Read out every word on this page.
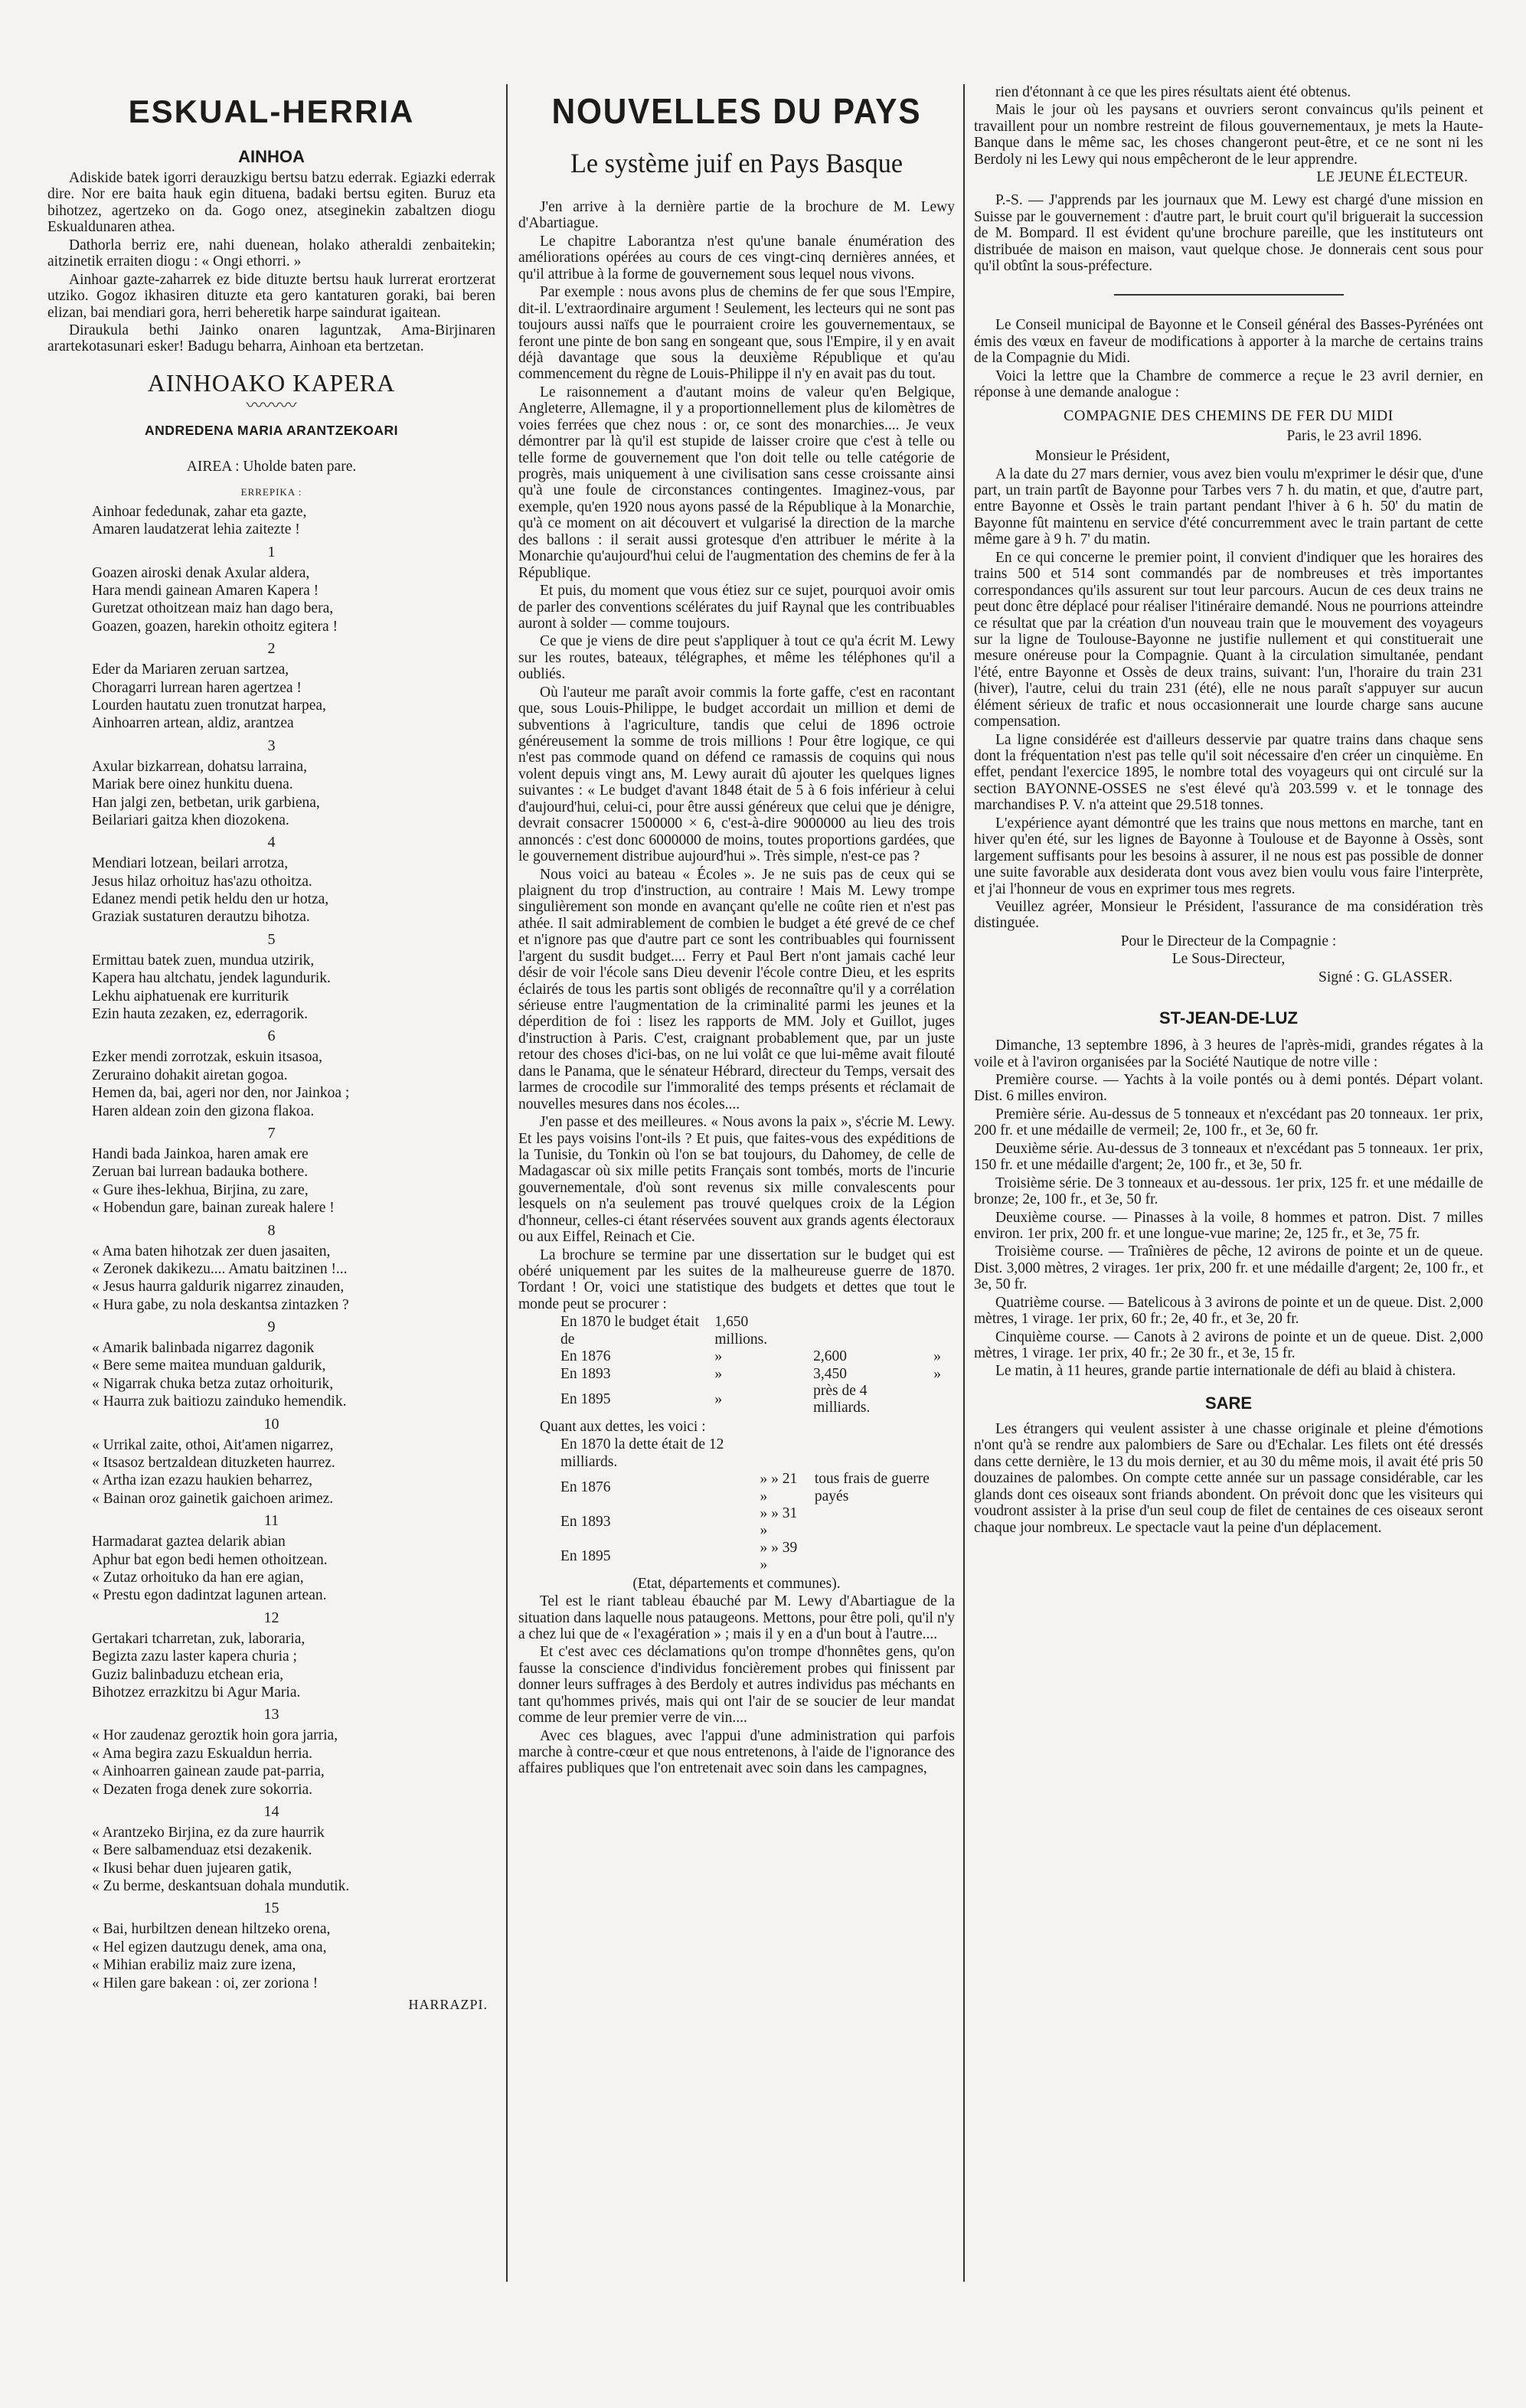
ESKUAL-HERRIA
AINHOA

Adiskide batek igorri derauzkigu bertsu batzu ederrak. Egiazki ederrak dire. Nor ere baita hauk egin dituena, badaki bertsu egiten. Buruz eta bihotzez, agertzeko on da. Gogo onez, atseginekin zabaltzen diogu Eskualdunaren athea.

Dathorla berriz ere, nahi duenean, holako atheraldi zenbaitekin; aitzinetik erraiten diogu : « Ongi ethorri. »

Ainhoar gazte-zaharrek ez bide dituzte bertsu hauk lurrerat erortzerat utziko. Gogoz ikhasiren dituzte eta gero kantaturen goraki, bai beren elizan, bai mendiari gora, herri beheretik harpe saindurat igaitean.

Diraukula bethi Jainko onaren laguntzak, Ama-Birjinaren arartekotasunari esker! Badugu beharra, Ainhoan eta bertzetan.

AINHOAKO KAPERA
〰〰〰
ANDREDENA MARIA ARANTZEKOARI
AIREA : Uholde baten pare.
ERREPIKA :

Ainhoar fededunak, zahar eta gazte,

Amaren laudatzerat lehia zaitezte !

1

Goazen airoski denak Axular aldera,

Hara mendi gainean Amaren Kapera !

Guretzat othoitzean maiz han dago bera,

Goazen, goazen, harekin othoitz egitera !

2

Eder da Mariaren zeruan sartzea,

Choragarri lurrean haren agertzea !

Lourden hautatu zuen tronutzat harpea,

Ainhoarren artean, aldiz, arantzea

3

Axular bizkarrean, dohatsu larraina,

Mariak bere oinez hunkitu duena.

Han jalgi zen, betbetan, urik garbiena,

Beilariari gaitza khen diozokena.

4

Mendiari lotzean, beilari arrotza,

Jesus hilaz orhoituz has'azu othoitza.

Edanez mendi petik heldu den ur hotza,

Graziak sustaturen derautzu bihotza.

5

Ermittau batek zuen, mundua utzirik,

Kapera hau altchatu, jendek lagundurik.

Lekhu aiphatuenak ere kurriturik

Ezin hauta zezaken, ez, ederragorik.

6

Ezker mendi zorrotzak, eskuin itsasoa,

Zeruraino dohakit airetan gogoa.

Hemen da, bai, ageri nor den, nor Jainkoa ;

Haren aldean zoin den gizona flakoa.

7

Handi bada Jainkoa, haren amak ere

Zeruan bai lurrean badauka bothere.

« Gure ihes-lekhua, Birjina, zu zare,

« Hobendun gare, bainan zureak halere !

8

« Ama baten hihotzak zer duen jasaiten,

« Zeronek dakikezu.... Amatu baitzinen !...

« Jesus haurra galdurik nigarrez zinauden,

« Hura gabe, zu nola deskantsa zintazken ?

9

« Amarik balinbada nigarrez dagonik

« Bere seme maitea munduan galdurik,

« Nigarrak chuka betza zutaz orhoiturik,

« Haurra zuk baitiozu zainduko hemendik.

10

« Urrikal zaite, othoi, Ait'amen nigarrez,

« Itsasoz bertzaldean dituzketen haurrez.

« Artha izan ezazu haukien beharrez,

« Bainan oroz gainetik gaichoen arimez.

11

Harmadarat gaztea delarik abian

Aphur bat egon bedi hemen othoitzean.

« Zutaz orhoituko da han ere agian,

« Prestu egon dadintzat lagunen artean.

12

Gertakari tcharretan, zuk, laboraria,

Begizta zazu laster kapera churia ;

Guziz balinbaduzu etchean eria,

Bihotzez errazkitzu bi Agur Maria.

13

« Hor zaudenaz geroztik hoin gora jarria,

« Ama begira zazu Eskualdun herria.

« Ainhoarren gainean zaude pat-parria,

« Dezaten froga denek zure sokorria.

14

« Arantzeko Birjina, ez da zure haurrik

« Bere salbamenduaz etsi dezakenik.

« Ikusi behar duen jujearen gatik,

« Zu berme, deskantsuan dohala mundutik.

15

« Bai, hurbiltzen denean hiltzeko orena,

« Hel egizen dautzugu denek, ama ona,

« Mihian erabiliz maiz zure izena,

« Hilen gare bakean : oi, zer zoriona !

HARRAZPI.
NOUVELLES DU PAYS
Le système juif en Pays Basque

J'en arrive à la dernière partie de la brochure de M. Lewy d'Abartiague.

Le chapitre Laborantza n'est qu'une banale énumération des améliorations opérées au cours de ces vingt-cinq dernières années, et qu'il attribue à la forme de gouvernement sous lequel nous vivons.

Par exemple : nous avons plus de chemins de fer que sous l'Empire, dit-il. L'extraordinaire argument ! Seulement, les lecteurs qui ne sont pas toujours aussi naïfs que le pourraient croire les gouvernementaux, se feront une pinte de bon sang en songeant que, sous l'Empire, il y en avait déjà davantage que sous la deuxième République et qu'au commencement du règne de Louis-Philippe il n'y en avait pas du tout.

Le raisonnement a d'autant moins de valeur qu'en Belgique, Angleterre, Allemagne, il y a proportionnellement plus de kilomètres de voies ferrées que chez nous : or, ce sont des monarchies.... Je veux démontrer par là qu'il est stupide de laisser croire que c'est à telle ou telle forme de gouvernement que l'on doit telle ou telle catégorie de progrès, mais uniquement à une civilisation sans cesse croissante ainsi qu'à une foule de circonstances contingentes. Imaginez-vous, par exemple, qu'en 1920 nous ayons passé de la République à la Monarchie, qu'à ce moment on ait découvert et vulgarisé la direction de la marche des ballons : il serait aussi grotesque d'en attribuer le mérite à la Monarchie qu'aujourd'hui celui de l'augmentation des chemins de fer à la République.

Et puis, du moment que vous étiez sur ce sujet, pourquoi avoir omis de parler des conventions scélérates du juif Raynal que les contribuables auront à solder — comme toujours.

Ce que je viens de dire peut s'appliquer à tout ce qu'a écrit M. Lewy sur les routes, bateaux, télégraphes, et même les téléphones qu'il a oubliés.

Où l'auteur me paraît avoir commis la forte gaffe, c'est en racontant que, sous Louis-Philippe, le budget accordait un million et demi de subventions à l'agriculture, tandis que celui de 1896 octroie généreusement la somme de trois millions ! Pour être logique, ce qui n'est pas commode quand on défend ce ramassis de coquins qui nous volent depuis vingt ans, M. Lewy aurait dû ajouter les quelques lignes suivantes : « Le budget d'avant 1848 était de 5 à 6 fois inférieur à celui d'aujourd'hui, celui-ci, pour être aussi généreux que celui que je dénigre, devrait consacrer 1500000 × 6, c'est-à-dire 9000000 au lieu des trois annoncés : c'est donc 6000000 de moins, toutes proportions gardées, que le gouvernement distribue aujourd'hui ». Très simple, n'est-ce pas ?

Nous voici au bateau « Écoles ». Je ne suis pas de ceux qui se plaignent du trop d'instruction, au contraire ! Mais M. Lewy trompe singulièrement son monde en avançant qu'elle ne coûte rien et n'est pas athée. Il sait admirablement de combien le budget a été grevé de ce chef et n'ignore pas que d'autre part ce sont les contribuables qui fournissent l'argent du susdit budget.... Ferry et Paul Bert n'ont jamais caché leur désir de voir l'école sans Dieu devenir l'école contre Dieu, et les esprits éclairés de tous les partis sont obligés de reconnaître qu'il y a corrélation sérieuse entre l'augmentation de la criminalité parmi les jeunes et la déperdition de foi : lisez les rapports de MM. Joly et Guillot, juges d'instruction à Paris. C'est, craignant probablement que, par un juste retour des choses d'ici-bas, on ne lui volât ce que lui-même avait filouté dans le Panama, que le sénateur Hébrard, directeur du Temps, versait des larmes de crocodile sur l'immoralité des temps présents et réclamait de nouvelles mesures dans nos écoles....

J'en passe et des meilleures. « Nous avons la paix », s'écrie M. Lewy. Et les pays voisins l'ont-ils ? Et puis, que faites-vous des expéditions de la Tunisie, du Tonkin où l'on se bat toujours, du Dahomey, de celle de Madagascar où six mille petits Français sont tombés, morts de l'incurie gouvernementale, d'où sont revenus six mille convalescents pour lesquels on n'a seulement pas trouvé quelques croix de la Légion d'honneur, celles-ci étant réservées souvent aux grands agents électoraux ou aux Eiffel, Reinach et Cie.

La brochure se termine par une dissertation sur le budget qui est obéré uniquement par les suites de la malheureuse guerre de 1870. Tordant ! Or, voici une statistique des budgets et dettes que tout le monde peut se procurer :

En 1870 le budget était de	1,650 millions.		
En 1876	»	2,600	»
En 1893	»	3,450	»
En 1895	»	près de 4 milliards.	

Quant aux dettes, les voici :

En 1870 la dette était de 12 milliards.		
En 1876	» » 21 »	tous frais de guerre payés
En 1893	» » 31 »	
En 1895	» » 39 »	

(Etat, départements et communes).

Tel est le riant tableau ébauché par M. Lewy d'Abartiague de la situation dans laquelle nous pataugeons. Mettons, pour être poli, qu'il n'y a chez lui que de « l'exagération » ; mais il y en a d'un bout à l'autre....

Et c'est avec ces déclamations qu'on trompe d'honnêtes gens, qu'on fausse la conscience d'individus foncièrement probes qui finissent par donner leurs suffrages à des Berdoly et autres individus pas méchants en tant qu'hommes privés, mais qui ont l'air de se soucier de leur mandat comme de leur premier verre de vin....

Avec ces blagues, avec l'appui d'une administration qui parfois marche à contre-cœur et que nous entretenons, à l'aide de l'ignorance des affaires publiques que l'on entretenait avec soin dans les campagnes,

rien d'étonnant à ce que les pires résultats aient été obtenus.

Mais le jour où les paysans et ouvriers seront convaincus qu'ils peinent et travaillent pour un nombre restreint de filous gouvernementaux, je mets la Haute-Banque dans le même sac, les choses changeront peut-être, et ce ne sont ni les Berdoly ni les Lewy qui nous empêcheront de le leur apprendre.

LE JEUNE ÉLECTEUR.

P.-S. — J'apprends par les journaux que M. Lewy est chargé d'une mission en Suisse par le gouvernement : d'autre part, le bruit court qu'il briguerait la succession de M. Bompard. Il est évident qu'une brochure pareille, que les instituteurs ont distribuée de maison en maison, vaut quelque chose. Je donnerais cent sous pour qu'il obtînt la sous-préfecture.

Le Conseil municipal de Bayonne et le Conseil général des Basses-Pyrénées ont émis des vœux en faveur de modifications à apporter à la marche de certains trains de la Compagnie du Midi.

Voici la lettre que la Chambre de commerce a reçue le 23 avril dernier, en réponse à une demande analogue :

COMPAGNIE DES CHEMINS DE FER DU MIDI
Paris, le 23 avril 1896.
Monsieur le Président,

A la date du 27 mars dernier, vous avez bien voulu m'exprimer le désir que, d'une part, un train partît de Bayonne pour Tarbes vers 7 h. du matin, et que, d'autre part, entre Bayonne et Ossès le train partant pendant l'hiver à 6 h. 50' du matin de Bayonne fût maintenu en service d'été concurremment avec le train partant de cette même gare à 9 h. 7' du matin.

En ce qui concerne le premier point, il convient d'indiquer que les horaires des trains 500 et 514 sont commandés par de nombreuses et très importantes correspondances qu'ils assurent sur tout leur parcours. Aucun de ces deux trains ne peut donc être déplacé pour réaliser l'itinéraire demandé. Nous ne pourrions atteindre ce résultat que par la création d'un nouveau train que le mouvement des voyageurs sur la ligne de Toulouse-Bayonne ne justifie nullement et qui constituerait une mesure onéreuse pour la Compagnie. Quant à la circulation simultanée, pendant l'été, entre Bayonne et Ossès de deux trains, suivant: l'un, l'horaire du train 231 (hiver), l'autre, celui du train 231 (été), elle ne nous paraît s'appuyer sur aucun élément sérieux de trafic et nous occasionnerait une lourde charge sans aucune compensation.

La ligne considérée est d'ailleurs desservie par quatre trains dans chaque sens dont la fréquentation n'est pas telle qu'il soit nécessaire d'en créer un cinquième. En effet, pendant l'exercice 1895, le nombre total des voyageurs qui ont circulé sur la section BAYONNE-OSSES ne s'est élevé qu'à 203.599 v. et le tonnage des marchandises P. V. n'a atteint que 29.518 tonnes.

L'expérience ayant démontré que les trains que nous mettons en marche, tant en hiver qu'en été, sur les lignes de Bayonne à Toulouse et de Bayonne à Ossès, sont largement suffisants pour les besoins à assurer, il ne nous est pas possible de donner une suite favorable aux desiderata dont vous avez bien voulu vous faire l'interprète, et j'ai l'honneur de vous en exprimer tous mes regrets.

Veuillez agréer, Monsieur le Président, l'assurance de ma considération très distinguée.

Pour le Directeur de la Compagnie :

Le Sous-Directeur,

Signé : G. GLASSER.

ST-JEAN-DE-LUZ

Dimanche, 13 septembre 1896, à 3 heures de l'après-midi, grandes régates à la voile et à l'aviron organisées par la Société Nautique de notre ville :

Première course. — Yachts à la voile pontés ou à demi pontés. Départ volant. Dist. 6 milles environ.

Première série. Au-dessus de 5 tonneaux et n'excédant pas 20 tonneaux. 1er prix, 200 fr. et une médaille de vermeil; 2e, 100 fr., et 3e, 60 fr.

Deuxième série. Au-dessus de 3 tonneaux et n'excédant pas 5 tonneaux. 1er prix, 150 fr. et une médaille d'argent; 2e, 100 fr., et 3e, 50 fr.

Troisième série. De 3 tonneaux et au-dessous. 1er prix, 125 fr. et une médaille de bronze; 2e, 100 fr., et 3e, 50 fr.

Deuxième course. — Pinasses à la voile, 8 hommes et patron. Dist. 7 milles environ. 1er prix, 200 fr. et une longue-vue marine; 2e, 125 fr., et 3e, 75 fr.

Troisième course. — Traînières de pêche, 12 avirons de pointe et un de queue. Dist. 3,000 mètres, 2 virages. 1er prix, 200 fr. et une médaille d'argent; 2e, 100 fr., et 3e, 50 fr.

Quatrième course. — Batelicous à 3 avirons de pointe et un de queue. Dist. 2,000 mètres, 1 virage. 1er prix, 60 fr.; 2e, 40 fr., et 3e, 20 fr.

Cinquième course. — Canots à 2 avirons de pointe et un de queue. Dist. 2,000 mètres, 1 virage. 1er prix, 40 fr.; 2e 30 fr., et 3e, 15 fr.

Le matin, à 11 heures, grande partie internationale de défi au blaid à chistera.

SARE

Les étrangers qui veulent assister à une chasse originale et pleine d'émotions n'ont qu'à se rendre aux palombiers de Sare ou d'Echalar. Les filets ont été dressés dans cette dernière, le 13 du mois dernier, et au 30 du même mois, il avait été pris 50 douzaines de palombes. On compte cette année sur un passage considérable, car les glands dont ces oiseaux sont friands abondent. On prévoit donc que les visiteurs qui voudront assister à la prise d'un seul coup de filet de centaines de ces oiseaux seront chaque jour nombreux. Le spectacle vaut la peine d'un déplacement.
